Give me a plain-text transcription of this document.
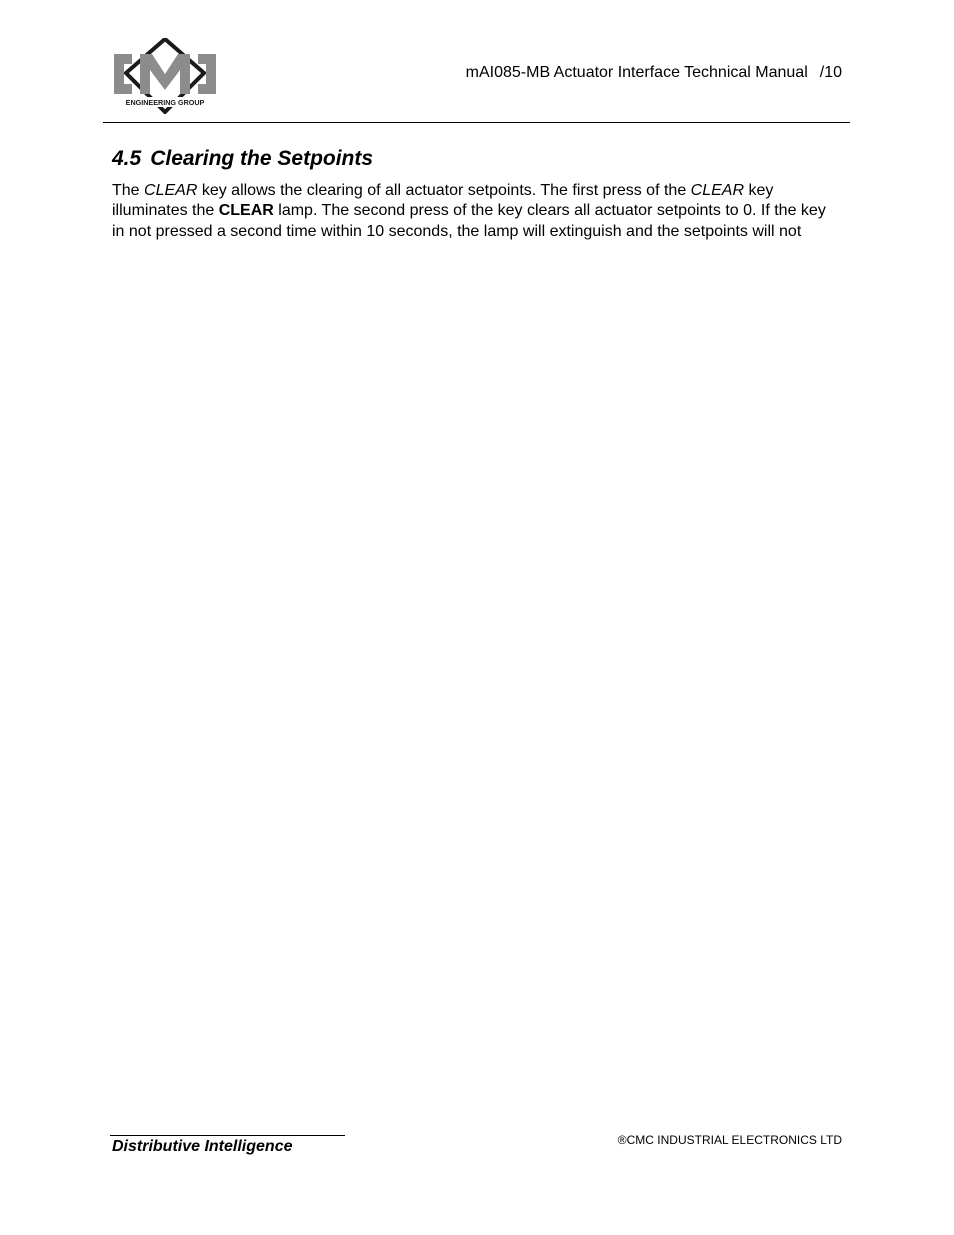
ENGINEERING GROUP
mAI085-MB Actuator Interface Technical Manual /10
4.5 Clearing the Setpoints

The CLEAR key allows the clearing of all actuator setpoints. The first press of the CLEAR key illuminates the CLEAR lamp. The second press of the key clears all actuator setpoints to 0. If the key in not pressed a second time within 10 seconds, the lamp will extinguish and the setpoints will not

Distributive Intelligence	®CMC INDUSTRIAL ELECTRONICS LTD
